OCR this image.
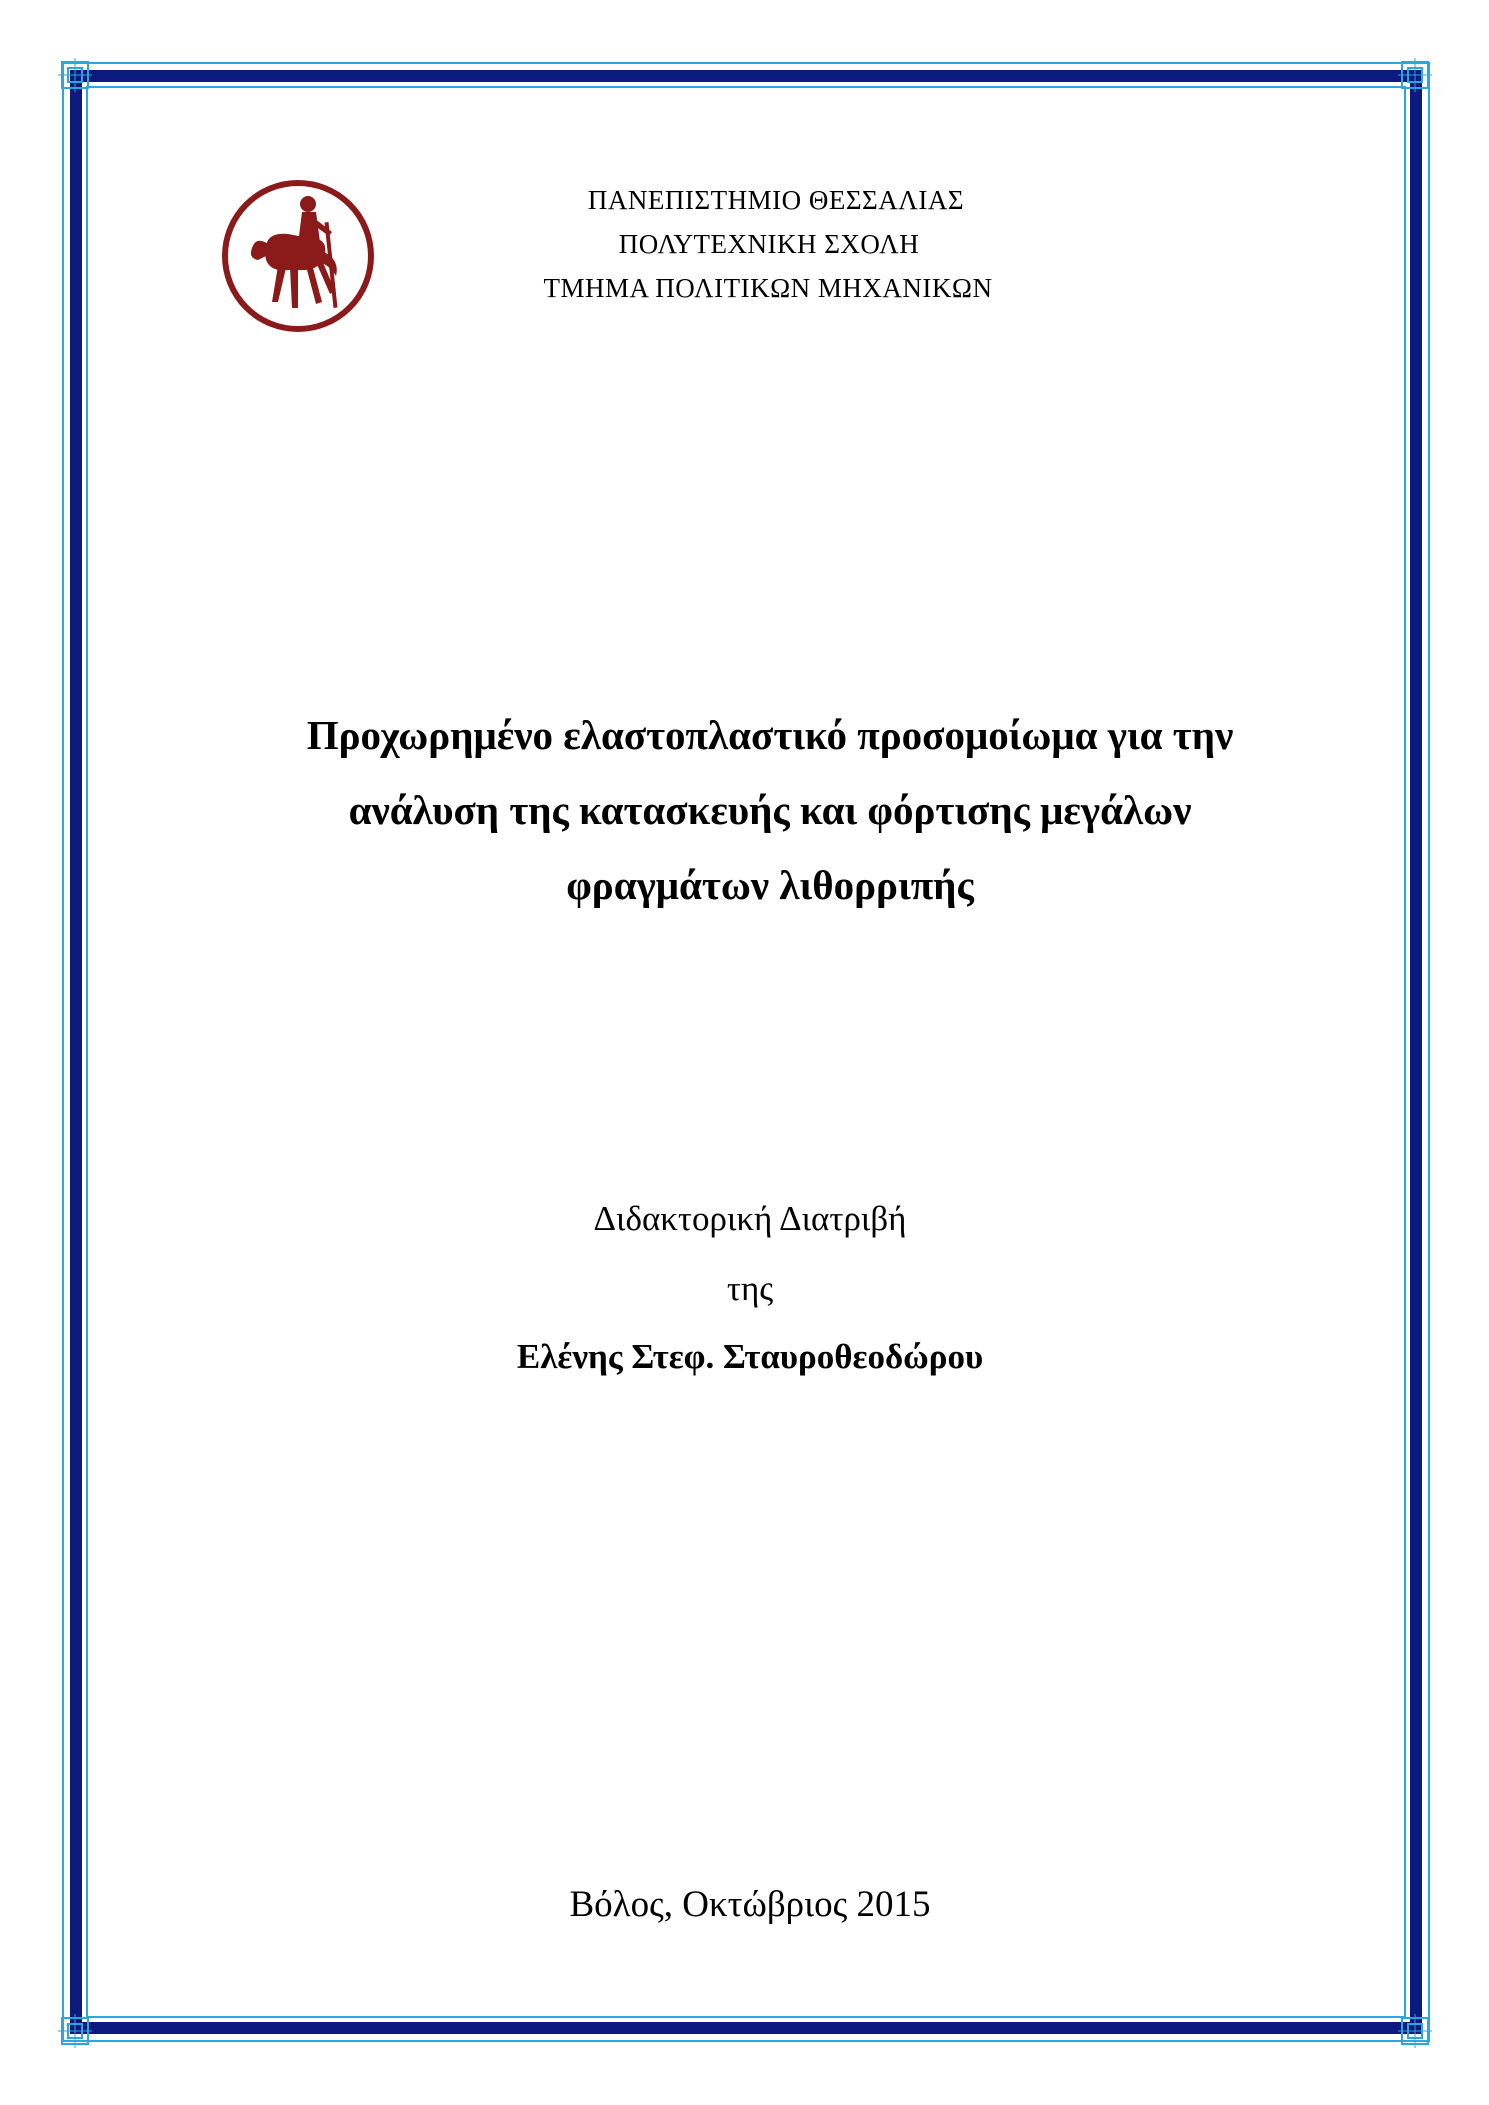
ΠΑΝΕΠΙΣΤΗΜΙΟ ΘΕΣΣΑΛΙΑΣ
ΠΟΛΥΤΕΧΝΙΚΗ ΣΧΟΛΗ
ΤΜΗΜΑ ΠΟΛΙΤΙΚΩΝ ΜΗΧΑΝΙΚΩΝ
Προχωρημένο ελαστοπλαστικό προσομοίωμα για την
ανάλυση της κατασκευής και φόρτισης μεγάλων
φραγμάτων λιθορριπής
Διδακτορική Διατριβή
της
Ελένης Στεφ. Σταυροθεοδώρου
Βόλος, Οκτώβριος 2015
